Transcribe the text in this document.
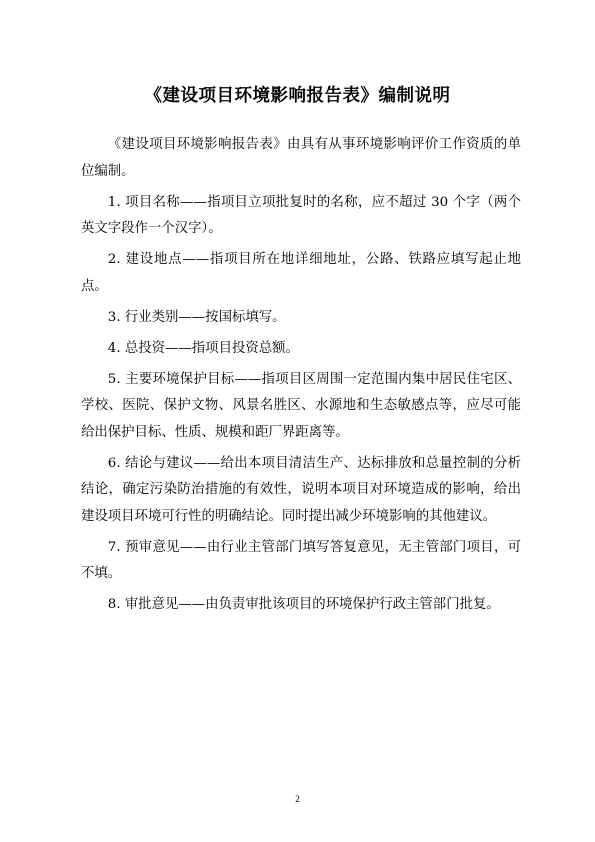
《建设项目环境影响报告表》编制说明

《建设项目环境影响报告表》由具有从事环境影响评价工作资质的单位编制。

1. 项目名称——指项目立项批复时的名称，应不超过 30 个字（两个英文字段作一个汉字）。

2. 建设地点——指项目所在地详细地址，公路、铁路应填写起止地点。

3. 行业类别——按国标填写。

4. 总投资——指项目投资总额。

5. 主要环境保护目标——指项目区周围一定范围内集中居民住宅区、学校、医院、保护文物、风景名胜区、水源地和生态敏感点等，应尽可能给出保护目标、性质、规模和距厂界距离等。

6. 结论与建议——给出本项目清洁生产、达标排放和总量控制的分析结论，确定污染防治措施的有效性，说明本项目对环境造成的影响，给出建设项目环境可行性的明确结论。同时提出减少环境影响的其他建议。

7. 预审意见——由行业主管部门填写答复意见，无主管部门项目，可不填。

8. 审批意见——由负责审批该项目的环境保护行政主管部门批复。

2
